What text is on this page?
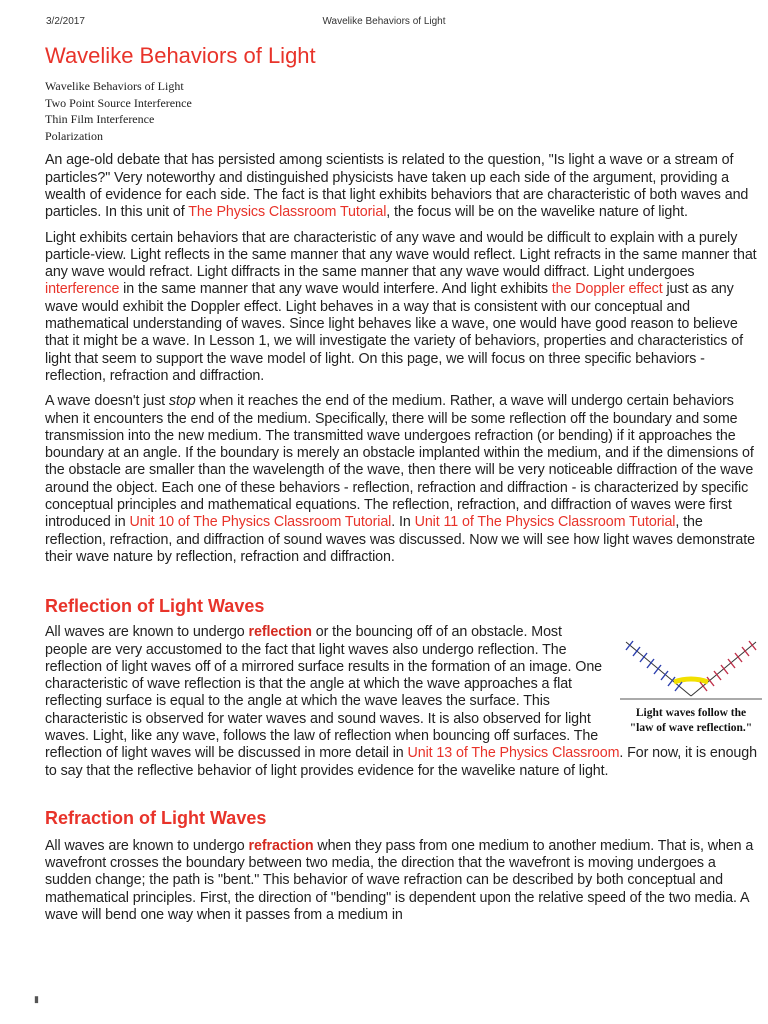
3/2/2017	Wavelike Behaviors of Light
Wavelike Behaviors of Light
Wavelike Behaviors of Light
Two Point Source Interference
Thin Film Interference
Polarization

An age-old debate that has persisted among scientists is related to the question, "Is light a wave or a stream of particles?" Very noteworthy and distinguished physicists have taken up each side of the argument, providing a wealth of evidence for each side. The fact is that light exhibits behaviors that are characteristic of both waves and particles. In this unit of The Physics Classroom Tutorial, the focus will be on the wavelike nature of light.

Light exhibits certain behaviors that are characteristic of any wave and would be difficult to explain with a purely particle-view. Light reflects in the same manner that any wave would reflect. Light refracts in the same manner that any wave would refract. Light diffracts in the same manner that any wave would diffract. Light undergoes interference in the same manner that any wave would interfere. And light exhibits the Doppler effect just as any wave would exhibit the Doppler effect. Light behaves in a way that is consistent with our conceptual and mathematical understanding of waves. Since light behaves like a wave, one would have good reason to believe that it might be a wave. In Lesson 1, we will investigate the variety of behaviors, properties and characteristics of light that seem to support the wave model of light. On this page, we will focus on three specific behaviors - reflection, refraction and diffraction.

A wave doesn't just stop when it reaches the end of the medium. Rather, a wave will undergo certain behaviors when it encounters the end of the medium. Specifically, there will be some reflection off the boundary and some transmission into the new medium. The transmitted wave undergoes refraction (or bending) if it approaches the boundary at an angle. If the boundary is merely an obstacle implanted within the medium, and if the dimensions of the obstacle are smaller than the wavelength of the wave, then there will be very noticeable diffraction of the wave around the object. Each one of these behaviors - reflection, refraction and diffraction - is characterized by specific conceptual principles and mathematical equations. The reflection, refraction, and diffraction of waves were first introduced in Unit 10 of The Physics Classroom Tutorial. In Unit 11 of The Physics Classroom Tutorial, the reflection, refraction, and diffraction of sound waves was discussed. Now we will see how light waves demonstrate their wave nature by reflection, refraction and diffraction.

Reflection of Light Waves
Light waves follow the
"law of wave reflection."

All waves are known to undergo reflection or the bouncing off of an obstacle. Most people are very accustomed to the fact that light waves also undergo reflection. The reflection of light waves off of a mirrored surface results in the formation of an image. One characteristic of wave reflection is that the angle at which the wave approaches a flat reflecting surface is equal to the angle at which the wave leaves the surface. This characteristic is observed for water waves and sound waves. It is also observed for light waves. Light, like any wave, follows the law of reflection when bouncing off surfaces. The reflection of light waves will be discussed in more detail in Unit 13 of The Physics Classroom. For now, it is enough to say that the reflective behavior of light provides evidence for the wavelike nature of light.

Refraction of Light Waves

All waves are known to undergo refraction when they pass from one medium to another medium. That is, when a wavefront crosses the boundary between two media, the direction that the wavefront is moving undergoes a sudden change; the path is "bent." This behavior of wave refraction can be described by both conceptual and mathematical principles. First, the direction of "bending" is dependent upon the relative speed of the two media. A wave will bend one way when it passes from a medium in

▮
